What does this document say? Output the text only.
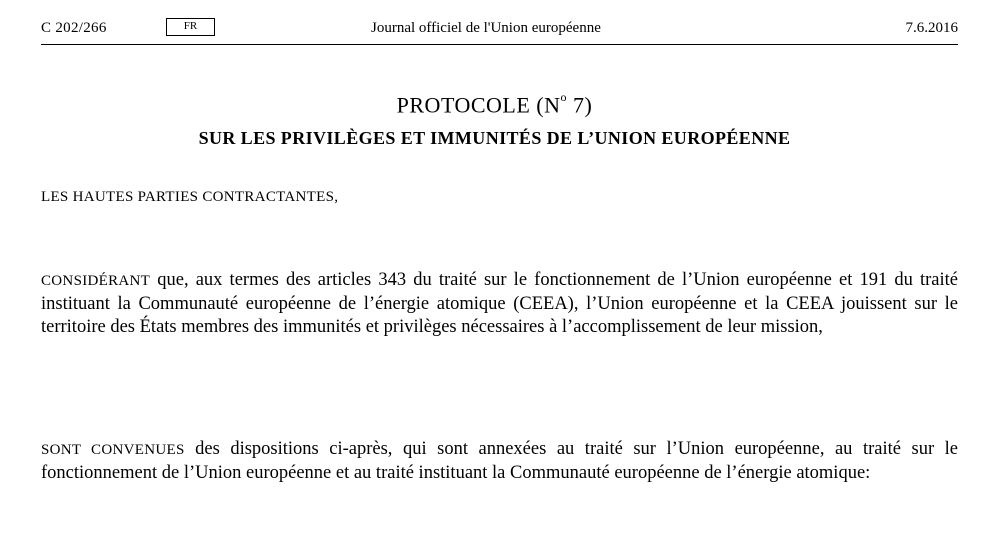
C 202/266	FR	Journal officiel de l'Union européenne	7.6.2016
PROTOCOLE ($N^o$ 7)
SUR LES PRIVILÈGES ET IMMUNITÉS DE L’UNION EUROPÉENNE
LES HAUTES PARTIES CONTRACTANTES,
CONSIDÉRANT que, aux termes des articles 343 du traité sur le fonctionnement de l’Union européenne et 191 du traité instituant la Communauté européenne de l’énergie atomique (CEEA), l’Union européenne et la CEEA jouissent sur le territoire des États membres des immunités et privilèges nécessaires à l’accomplissement de leur mission,
SONT CONVENUES des dispositions ci-après, qui sont annexées au traité sur l’Union européenne, au traité sur le fonctionnement de l’Union européenne et au traité instituant la Communauté européenne de l’énergie atomique:
